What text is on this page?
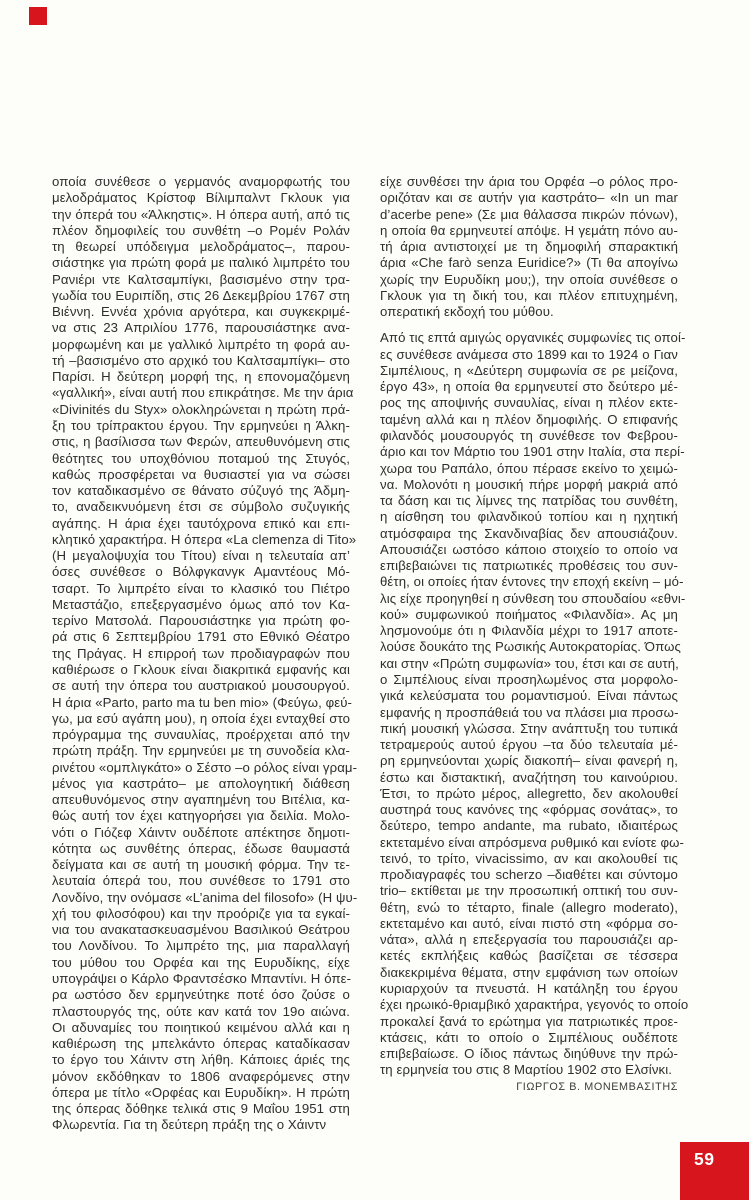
οποία συνέθεσε ο γερμανός αναμορφωτής του
μελοδράματος Κρίστοφ Βίλιμπαλντ Γκλουκ για
την όπερά του «Άλκηστις». Η όπερα αυτή, από τις
πλέον δημοφιλείς του συνθέτη –ο Ρομέν Ρολάν
τη θεωρεί υπόδειγμα μελοδράματος–, παρου-
σιάστηκε για πρώτη φορά με ιταλικό λιμπρέτο του
Ρανιέρι ντε Καλτσαμπίγκι, βασισμένο στην τρα-
γωδία του Ευριπίδη, στις 26 Δεκεμβρίου 1767 στη
Βιέννη. Εννέα χρόνια αργότερα, και συγκεκριμέ-
να στις 23 Απριλίου 1776, παρουσιάστηκε ανα-
μορφωμένη και με γαλλικό λιμπρέτο τη φορά αυ-
τή –βασισμένο στο αρχικό του Καλτσαμπίγκι– στο
Παρίσι. Η δεύτερη μορφή της, η επονομαζόμενη
«γαλλική», είναι αυτή που επικράτησε. Με την άρια
«Divinités du Styx» ολοκληρώνεται η πρώτη πρά-
ξη του τρίπρακτου έργου. Την ερμηνεύει η Άλκη-
στις, η βασίλισσα των Φερών, απευθυνόμενη στις
θεότητες του υποχθόνιου ποταμού της Στυγός,
καθώς προσφέρεται να θυσιαστεί για να σώσει
τον καταδικασμένο σε θάνατο σύζυγό της Άδμη-
το, αναδεικνυόμενη έτσι σε σύμβολο συζυγικής
αγάπης. Η άρια έχει ταυτόχρονα επικό και επι-
κλητικό χαρακτήρα. Η όπερα «La clemenza di Tito»
(Η μεγαλοψυχία του Τίτου) είναι η τελευταία απ’
όσες συνέθεσε ο Βόλφγκανγκ Αμαντέους Μό-
τσαρτ. Το λιμπρέτο είναι το κλασικό του Πιέτρο
Μεταστάζιο, επεξεργασμένο όμως από τον Κα-
τερίνο Ματσολά. Παρουσιάστηκε για πρώτη φο-
ρά στις 6 Σεπτεμβρίου 1791 στο Εθνικό Θέατρο
της Πράγας. Η επιρροή των προδιαγραφών που
καθιέρωσε ο Γκλουκ είναι διακριτικά εμφανής και
σε αυτή την όπερα του αυστριακού μουσουργού.
Η άρια «Parto, parto ma tu ben mio» (Φεύγω, φεύ-
γω, μα εσύ αγάπη μου), η οποία έχει ενταχθεί στο
πρόγραμμα της συναυλίας, προέρχεται από την
πρώτη πράξη. Την ερμηνεύει με τη συνοδεία κλα-
ρινέτου «ομπλιγκάτο» ο Σέστο –ο ρόλος είναι γραμ-
μένος για καστράτο– με απολογητική διάθεση
απευθυνόμενος στην αγαπημένη του Βιτέλια, κα-
θώς αυτή τον έχει κατηγορήσει για δειλία. Μολο-
νότι ο Γιόζεφ Χάιντν ουδέποτε απέκτησε δημοτι-
κότητα ως συνθέτης όπερας, έδωσε θαυμαστά
δείγματα και σε αυτή τη μουσική φόρμα. Την τε-
λευταία όπερά του, που συνέθεσε το 1791 στο
Λονδίνο, την ονόμασε «L’anima del filosofo» (Η ψυ-
χή του φιλοσόφου) και την προόριζε για τα εγκαί-
νια του ανακατασκευασμένου Βασιλικού Θεάτρου
του Λονδίνου. Το λιμπρέτο της, μια παραλλαγή
του μύθου του Ορφέα και της Ευρυδίκης, είχε
υπογράψει ο Κάρλο Φραντσέσκο Μπαντίνι. Η όπε-
ρα ωστόσο δεν ερμηνεύτηκε ποτέ όσο ζούσε ο
πλαστουργός της, ούτε καν κατά τον 19ο αιώνα.
Οι αδυναμίες του ποιητικού κειμένου αλλά και η
καθιέρωση της μπελκάντο όπερας καταδίκασαν
το έργο του Χάιντν στη λήθη. Κάποιες άριές της
μόνον εκδόθηκαν το 1806 αναφερόμενες στην
όπερα με τίτλο «Ορφέας και Ευρυδίκη». Η πρώτη
της όπερας δόθηκε τελικά στις 9 Μαΐου 1951 στη
Φλωρεντία. Για τη δεύτερη πράξη της ο Χάιντν
είχε συνθέσει την άρια του Ορφέα –ο ρόλος προ-
οριζόταν και σε αυτήν για καστράτο– «In un mar
d’acerbe pene» (Σε μια θάλασσα πικρών πόνων),
η οποία θα ερμηνευτεί απόψε. Η γεμάτη πόνο αυ-
τή άρια αντιστοιχεί με τη δημοφιλή σπαρακτική
άρια «Che farò senza Euridice?» (Τι θα απογίνω
χωρίς την Ευρυδίκη μου;), την οποία συνέθεσε ο
Γκλουκ για τη δική του, και πλέον επιτυχημένη,
οπερατική εκδοχή του μύθου.
Από τις επτά αμιγώς οργανικές συμφωνίες τις οποί-
ες συνέθεσε ανάμεσα στο 1899 και το 1924 ο Γιαν
Σιμπέλιους, η «Δεύτερη συμφωνία σε ρε μείζονα,
έργο 43», η οποία θα ερμηνευτεί στο δεύτερο μέ-
ρος της αποψινής συναυλίας, είναι η πλέον εκτε-
ταμένη αλλά και η πλέον δημοφιλής. Ο επιφανής
φιλανδός μουσουργός τη συνέθεσε τον Φεβρου-
άριο και τον Μάρτιο του 1901 στην Ιταλία, στα περί-
χωρα του Ραπάλο, όπου πέρασε εκείνο το χειμώ-
να. Μολονότι η μουσική πήρε μορφή μακριά από
τα δάση και τις λίμνες της πατρίδας του συνθέτη,
η αίσθηση του φιλανδικού τοπίου και η ηχητική
ατμόσφαιρα της Σκανδιναβίας δεν απουσιάζουν.
Απουσιάζει ωστόσο κάποιο στοιχείο το οποίο να
επιβεβαιώνει τις πατριωτικές προθέσεις του συν-
θέτη, οι οποίες ήταν έντονες την εποχή εκείνη – μό-
λις είχε προηγηθεί η σύνθεση του σπουδαίου «εθνι-
κού» συμφωνικού ποιήματος «Φιλανδία». Ας μη
λησμονούμε ότι η Φιλανδία μέχρι το 1917 αποτε-
λούσε δουκάτο της Ρωσικής Αυτοκρατορίας. Όπως
και στην «Πρώτη συμφωνία» του, έτσι και σε αυτή,
ο Σιμπέλιους είναι προσηλωμένος στα μορφολο-
γικά κελεύσματα του ρομαντισμού. Είναι πάντως
εμφανής η προσπάθειά του να πλάσει μια προσω-
πική μουσική γλώσσα. Στην ανάπτυξη του τυπικά
τετραμερούς αυτού έργου –τα δύο τελευταία μέ-
ρη ερμηνεύονται χωρίς διακοπή– είναι φανερή η,
έστω και διστακτική, αναζήτηση του καινούριου.
Έτσι, το πρώτο μέρος, allegretto, δεν ακολουθεί
αυστηρά τους κανόνες της «φόρμας σονάτας», το
δεύτερο, tempo andante, ma rubato, ιδιαιτέρως
εκτεταμένο είναι απρόσμενα ρυθμικό και ενίοτε φω-
τεινό, το τρίτο, vivacissimo, αν και ακολουθεί τις
προδιαγραφές του scherzo –διαθέτει και σύντομο
trio– εκτίθεται με την προσωπική οπτική του συν-
θέτη, ενώ το τέταρτο, finale (allegro moderato),
εκτεταμένο και αυτό, είναι πιστό στη «φόρμα σο-
νάτα», αλλά η επεξεργασία του παρουσιάζει αρ-
κετές εκπλήξεις καθώς βασίζεται σε τέσσερα
διακεκριμένα θέματα, στην εμφάνιση των οποίων
κυριαρχούν τα πνευστά. Η κατάληξη του έργου
έχει ηρωικό-θριαμβικό χαρακτήρα, γεγονός το οποίο
προκαλεί ξανά το ερώτημα για πατριωτικές προε-
κτάσεις, κάτι το οποίο ο Σιμπέλιους ουδέποτε
επιβεβαίωσε. Ο ίδιος πάντως διηύθυνε την πρώ-
τη ερμηνεία του στις 8 Μαρτίου 1902 στο Ελσίνκι.
ΓΙΩΡΓΟΣ Β. ΜΟΝΕΜΒΑΣΙΤΗΣ
59
